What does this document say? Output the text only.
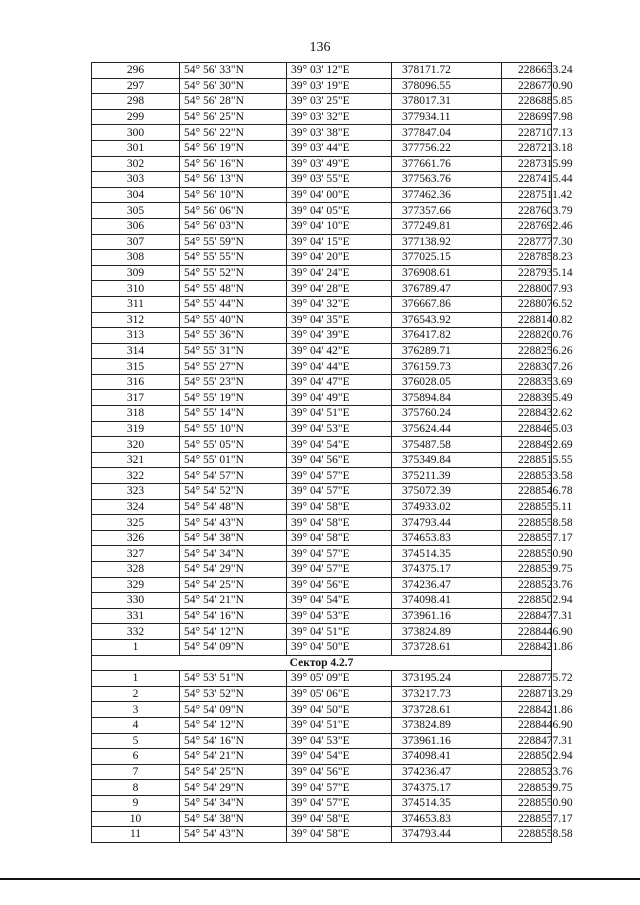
136
296	54° 56' 33"N	39° 03' 12"E	378171.72	2286653.24
297	54° 56' 30"N	39° 03' 19"E	378096.55	2286770.90
298	54° 56' 28"N	39° 03' 25"E	378017.31	2286885.85
299	54° 56' 25"N	39° 03' 32"E	377934.11	2286997.98
300	54° 56' 22"N	39° 03' 38"E	377847.04	2287107.13
301	54° 56' 19"N	39° 03' 44"E	377756.22	2287213.18
302	54° 56' 16"N	39° 03' 49"E	377661.76	2287315.99
303	54° 56' 13"N	39° 03' 55"E	377563.76	2287415.44
304	54° 56' 10"N	39° 04' 00"E	377462.36	2287511.42
305	54° 56' 06"N	39° 04' 05"E	377357.66	2287603.79
306	54° 56' 03"N	39° 04' 10"E	377249.81	2287692.46
307	54° 55' 59"N	39° 04' 15"E	377138.92	2287777.30
308	54° 55' 55"N	39° 04' 20"E	377025.15	2287858.23
309	54° 55' 52"N	39° 04' 24"E	376908.61	2287935.14
310	54° 55' 48"N	39° 04' 28"E	376789.47	2288007.93
311	54° 55' 44"N	39° 04' 32"E	376667.86	2288076.52
312	54° 55' 40"N	39° 04' 35"E	376543.92	2288140.82
313	54° 55' 36"N	39° 04' 39"E	376417.82	2288200.76
314	54° 55' 31"N	39° 04' 42"E	376289.71	2288256.26
315	54° 55' 27"N	39° 04' 44"E	376159.73	2288307.26
316	54° 55' 23"N	39° 04' 47"E	376028.05	2288353.69
317	54° 55' 19"N	39° 04' 49"E	375894.84	2288395.49
318	54° 55' 14"N	39° 04' 51"E	375760.24	2288432.62
319	54° 55' 10"N	39° 04' 53"E	375624.44	2288465.03
320	54° 55' 05"N	39° 04' 54"E	375487.58	2288492.69
321	54° 55' 01"N	39° 04' 56"E	375349.84	2288515.55
322	54° 54' 57"N	39° 04' 57"E	375211.39	2288533.58
323	54° 54' 52"N	39° 04' 57"E	375072.39	2288546.78
324	54° 54' 48"N	39° 04' 58"E	374933.02	2288555.11
325	54° 54' 43"N	39° 04' 58"E	374793.44	2288558.58
326	54° 54' 38"N	39° 04' 58"E	374653.83	2288557.17
327	54° 54' 34"N	39° 04' 57"E	374514.35	2288550.90
328	54° 54' 29"N	39° 04' 57"E	374375.17	2288539.75
329	54° 54' 25"N	39° 04' 56"E	374236.47	2288523.76
330	54° 54' 21"N	39° 04' 54"E	374098.41	2288502.94
331	54° 54' 16"N	39° 04' 53"E	373961.16	2288477.31
332	54° 54' 12"N	39° 04' 51"E	373824.89	2288446.90
1	54° 54' 09"N	39° 04' 50"E	373728.61	2288421.86
Сектор 4.2.7				
1	54° 53' 51"N	39° 05' 09"E	373195.24	2288775.72
2	54° 53' 52"N	39° 05' 06"E	373217.73	2288713.29
3	54° 54' 09"N	39° 04' 50"E	373728.61	2288421.86
4	54° 54' 12"N	39° 04' 51"E	373824.89	2288446.90
5	54° 54' 16"N	39° 04' 53"E	373961.16	2288477.31
6	54° 54' 21"N	39° 04' 54"E	374098.41	2288502.94
7	54° 54' 25"N	39° 04' 56"E	374236.47	2288523.76
8	54° 54' 29"N	39° 04' 57"E	374375.17	2288539.75
9	54° 54' 34"N	39° 04' 57"E	374514.35	2288550.90
10	54° 54' 38"N	39° 04' 58"E	374653.83	2288557.17
11	54° 54' 43"N	39° 04' 58"E	374793.44	2288558.58
